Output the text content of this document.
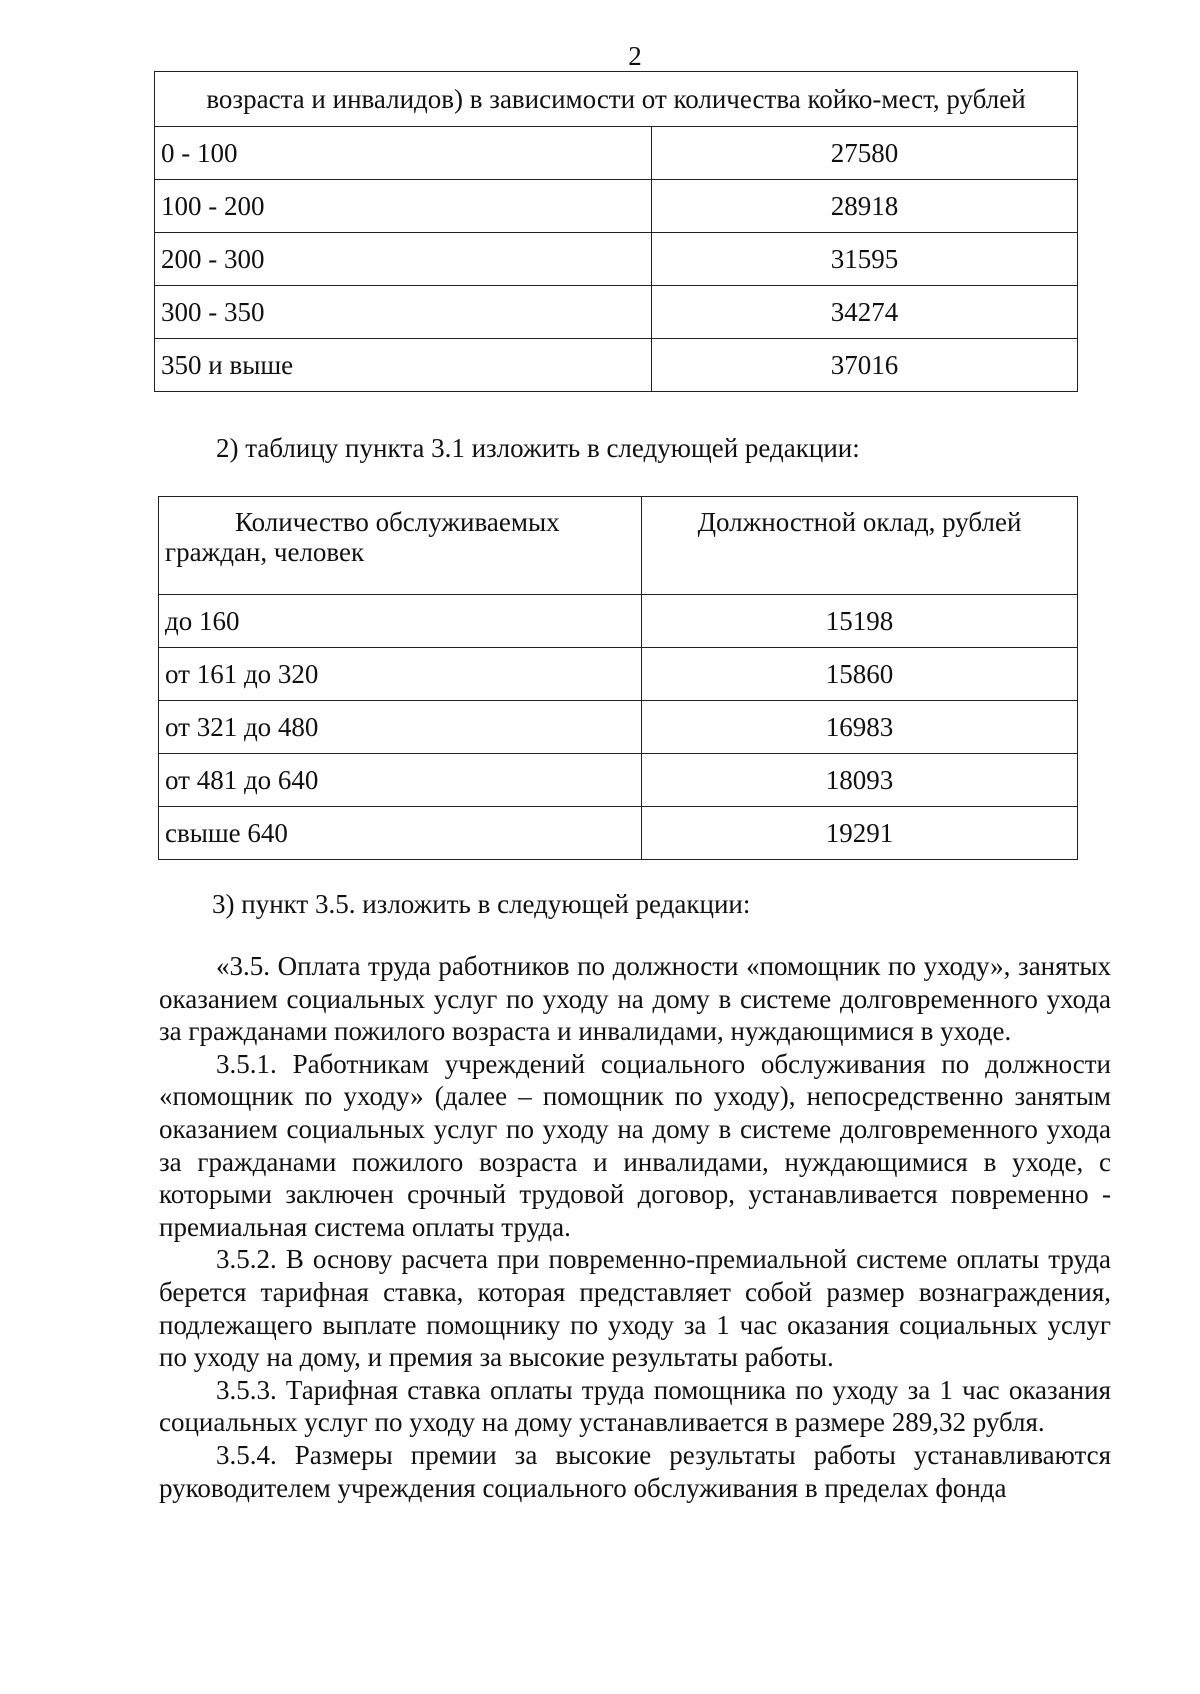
2
возраста и инвалидов) в зависимости от количества койко-мест, рублей	
0 - 100	27580
100 - 200	28918
200 - 300	31595
300 - 350	34274
350 и выше	37016
2) таблицу пункта 3.1 изложить в следующей редакции:
Количество обслуживаемых
граждан, человек	Должностной оклад, рублей
до 160	15198
от 161 до 320	15860
от 321 до 480	16983
от 481 до 640	18093
свыше 640	19291
3) пункт 3.5. изложить в следующей редакции:

«3.5. Оплата труда работников по должности «помощник по уходу», занятых оказанием социальных услуг по уходу на дому в системе долговременного ухода за гражданами пожилого возраста и инвалидами, нуждающимися в уходе.

3.5.1. Работникам учреждений социального обслуживания по должности «помощник по уходу» (далее – помощник по уходу), непосредственно занятым оказанием социальных услуг по уходу на дому в системе долговременного ухода за гражданами пожилого возраста и инвалидами, нуждающимися в уходе, с которыми заключен срочный трудовой договор, устанавливается повременно - премиальная система оплаты труда.

3.5.2. В основу расчета при повременно-премиальной системе оплаты труда берется тарифная ставка, которая представляет собой размер вознаграждения, подлежащего выплате помощнику по уходу за 1 час оказания социальных услуг по уходу на дому, и премия за высокие результаты работы.

3.5.3. Тарифная ставка оплаты труда помощника по уходу за 1 час оказания социальных услуг по уходу на дому устанавливается в размере 289,32 рубля.

3.5.4. Размеры премии за высокие результаты работы устанавливаются руководителем учреждения социального обслуживания в пределах фонда
